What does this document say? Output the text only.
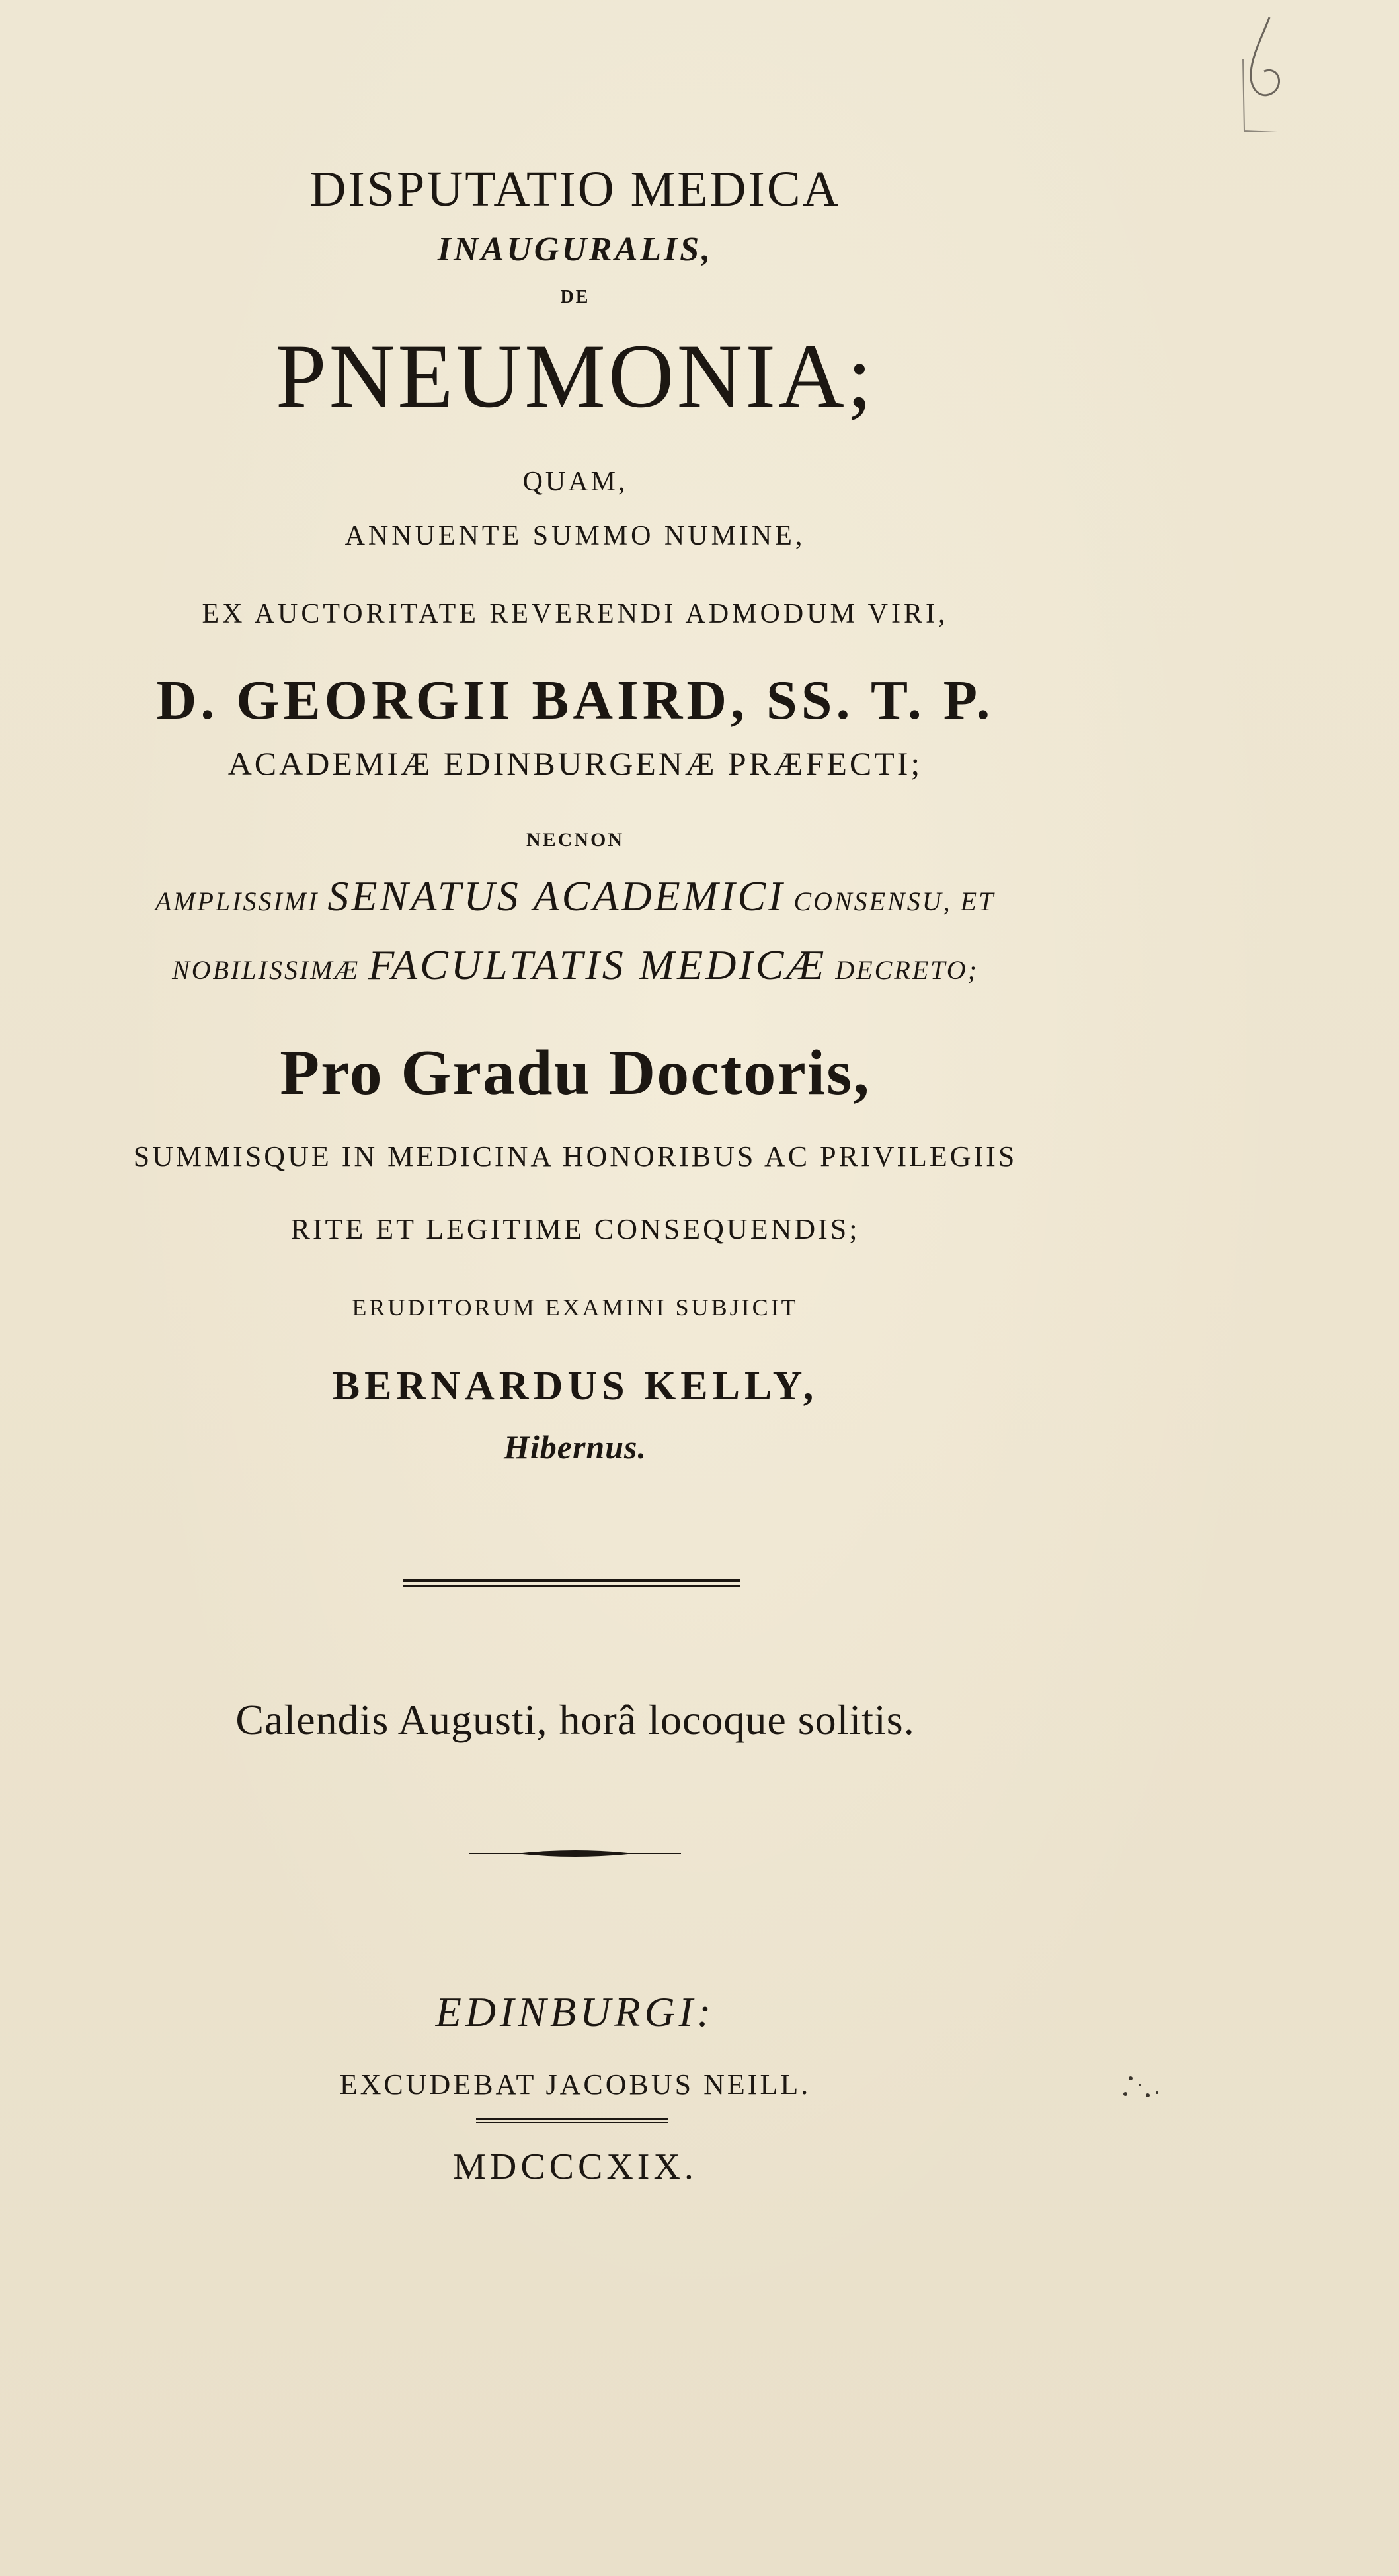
DISPUTATIO MEDICA
INAUGURALIS,
DE
PNEUMONIA;
QUAM,
ANNUENTE SUMMO NUMINE,
EX AUCTORITATE REVERENDI ADMODUM VIRI,
D. GEORGII BAIRD, SS. T. P.
ACADEMIÆ EDINBURGENÆ PRÆFECTI;
NECNON
AMPLISSIMI SENATUS ACADEMICI CONSENSU, ET
NOBILISSIMÆ FACULTATIS MEDICÆ DECRETO;
Pro Gradu Doctoris,
SUMMISQUE IN MEDICINA HONORIBUS AC PRIVILEGIIS
RITE ET LEGITIME CONSEQUENDIS;
ERUDITORUM EXAMINI SUBJICIT
BERNARDUS KELLY,
Hibernus.
Calendis Augusti, horâ locoque solitis.
EDINBURGI:
EXCUDEBAT JACOBUS NEILL.
MDCCCXIX.
